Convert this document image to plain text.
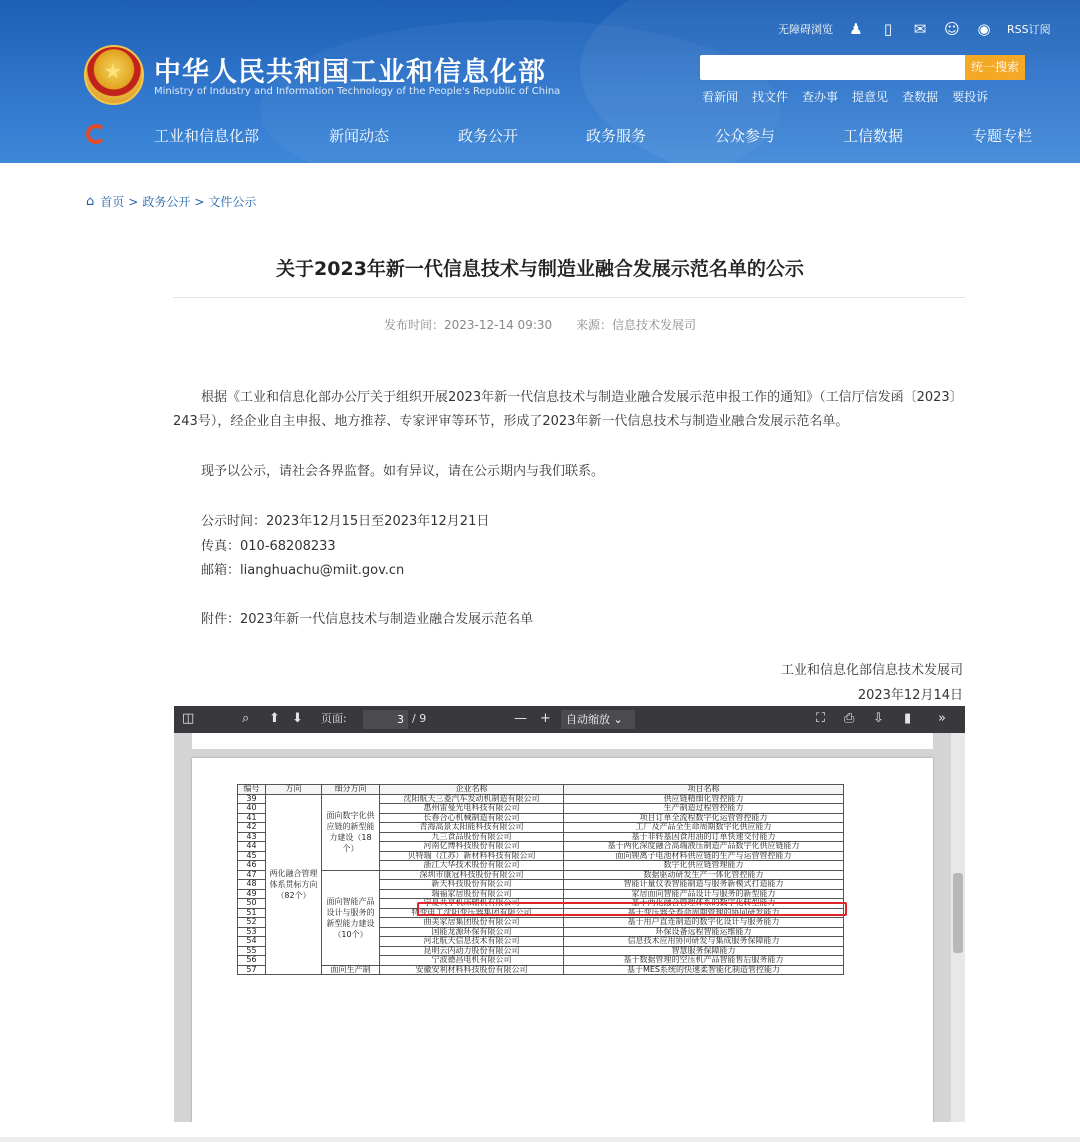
★ 中华人民共和国工业和信息化部
Ministry of Industry and Information Technology of the People's Republic of China
无障碍浏览 ♟	▯	✉ ☺ ◉ RSS订阅
统一搜索
看新闻 找文件 查办事 提意见 查数据 要投诉
工业和信息化部	新闻动态	政务公开	政务服务	公众参与	工信数据	专题专栏
⌂ 首页 > 政务公开 > 文件公示
关于2023年新一代信息技术与制造业融合发展示范名单的公示
发布时间：2023-12-14 09:30 来源：信息技术发展司
根据《工业和信息化部办公厅关于组织开展2023年新一代信息技术与制造业融合发展示范申报工作的通知》（工信厅信发函〔2023〕243号），经企业自主申报、地方推荐、专家评审等环节，形成了2023年新一代信息技术与制造业融合发展示范名单。
现予以公示，请社会各界监督。如有异议，请在公示期内与我们联系。
公示时间：2023年12月15日至2023年12月21日
传真：010-68208233
邮箱：lianghuachu@miit.gov.cn
附件：2023年新一代信息技术与制造业融合发展示范名单
工业和信息化部信息技术发展司
2023年12月14日
◫	⌕ ⬆ ⬇ 页面:	3 / 9	— +	自动缩放 ⌄	⛶ ⎙ ⇩ ▮ »
编号	方向	细分方向	企业名称	项目名称
39	两化融合管理体系贯标方向（82个）	面向数字化供应链的新型能力建设（18个）	沈阳航天三菱汽车发动机制造有限公司	供应链精细化管控能力
40			惠州雷曼光电科技有限公司	生产制造过程管控能力
41			长春合心机械制造有限公司	项目订单全流程数字化运营管控能力
42			青海高景太阳能科技有限公司	工厂及产品全生命周期数字化供应能力
43			九三食品股份有限公司	基于非转基因食用油的订单快速交付能力
44			河南亿博科技股份有限公司	基于两化深度融合高端液压制造产品数字化供应链能力
45			贝特瑞（江苏）新材料科技有限公司	面向锂离子电池材料供应链的生产与运营管控能力
46			浙江大华技术股份有限公司	数字化供应链管理能力
47		面向智能产品设计与服务的新型能力建设（10个）	深圳市康冠科技股份有限公司	数据驱动研发生产一体化管控能力
48			新天科技股份有限公司	智能计量仪表智能制造与服务新模式打造能力
49			瑞福家居股份有限公司	家居面向智能产品设计与服务的新型能力
50			宁夏共享机床辅机有限公司	基于两化融合管理体系的数字化转型能力
51			特变电工沈阳变压器集团有限公司	基于变压器全寿命周期管理的协同研发能力
52			曲美家居集团股份有限公司	基于用户直连制造的数字化设计与服务能力
53			国能龙源环保有限公司	环保设备远程智能运维能力
54			河北航天信息技术有限公司	信息技术应用协同研发与集成服务保障能力
55			昆明云内动力股份有限公司	智慧服务保障能力
56			宁波德昌电机有限公司	基于数据管理的空压机产品智能售后服务能力
57		面向生产制	安徽安利材料科技股份有限公司	基于MES系统的快速柔智能化制造管控能力
